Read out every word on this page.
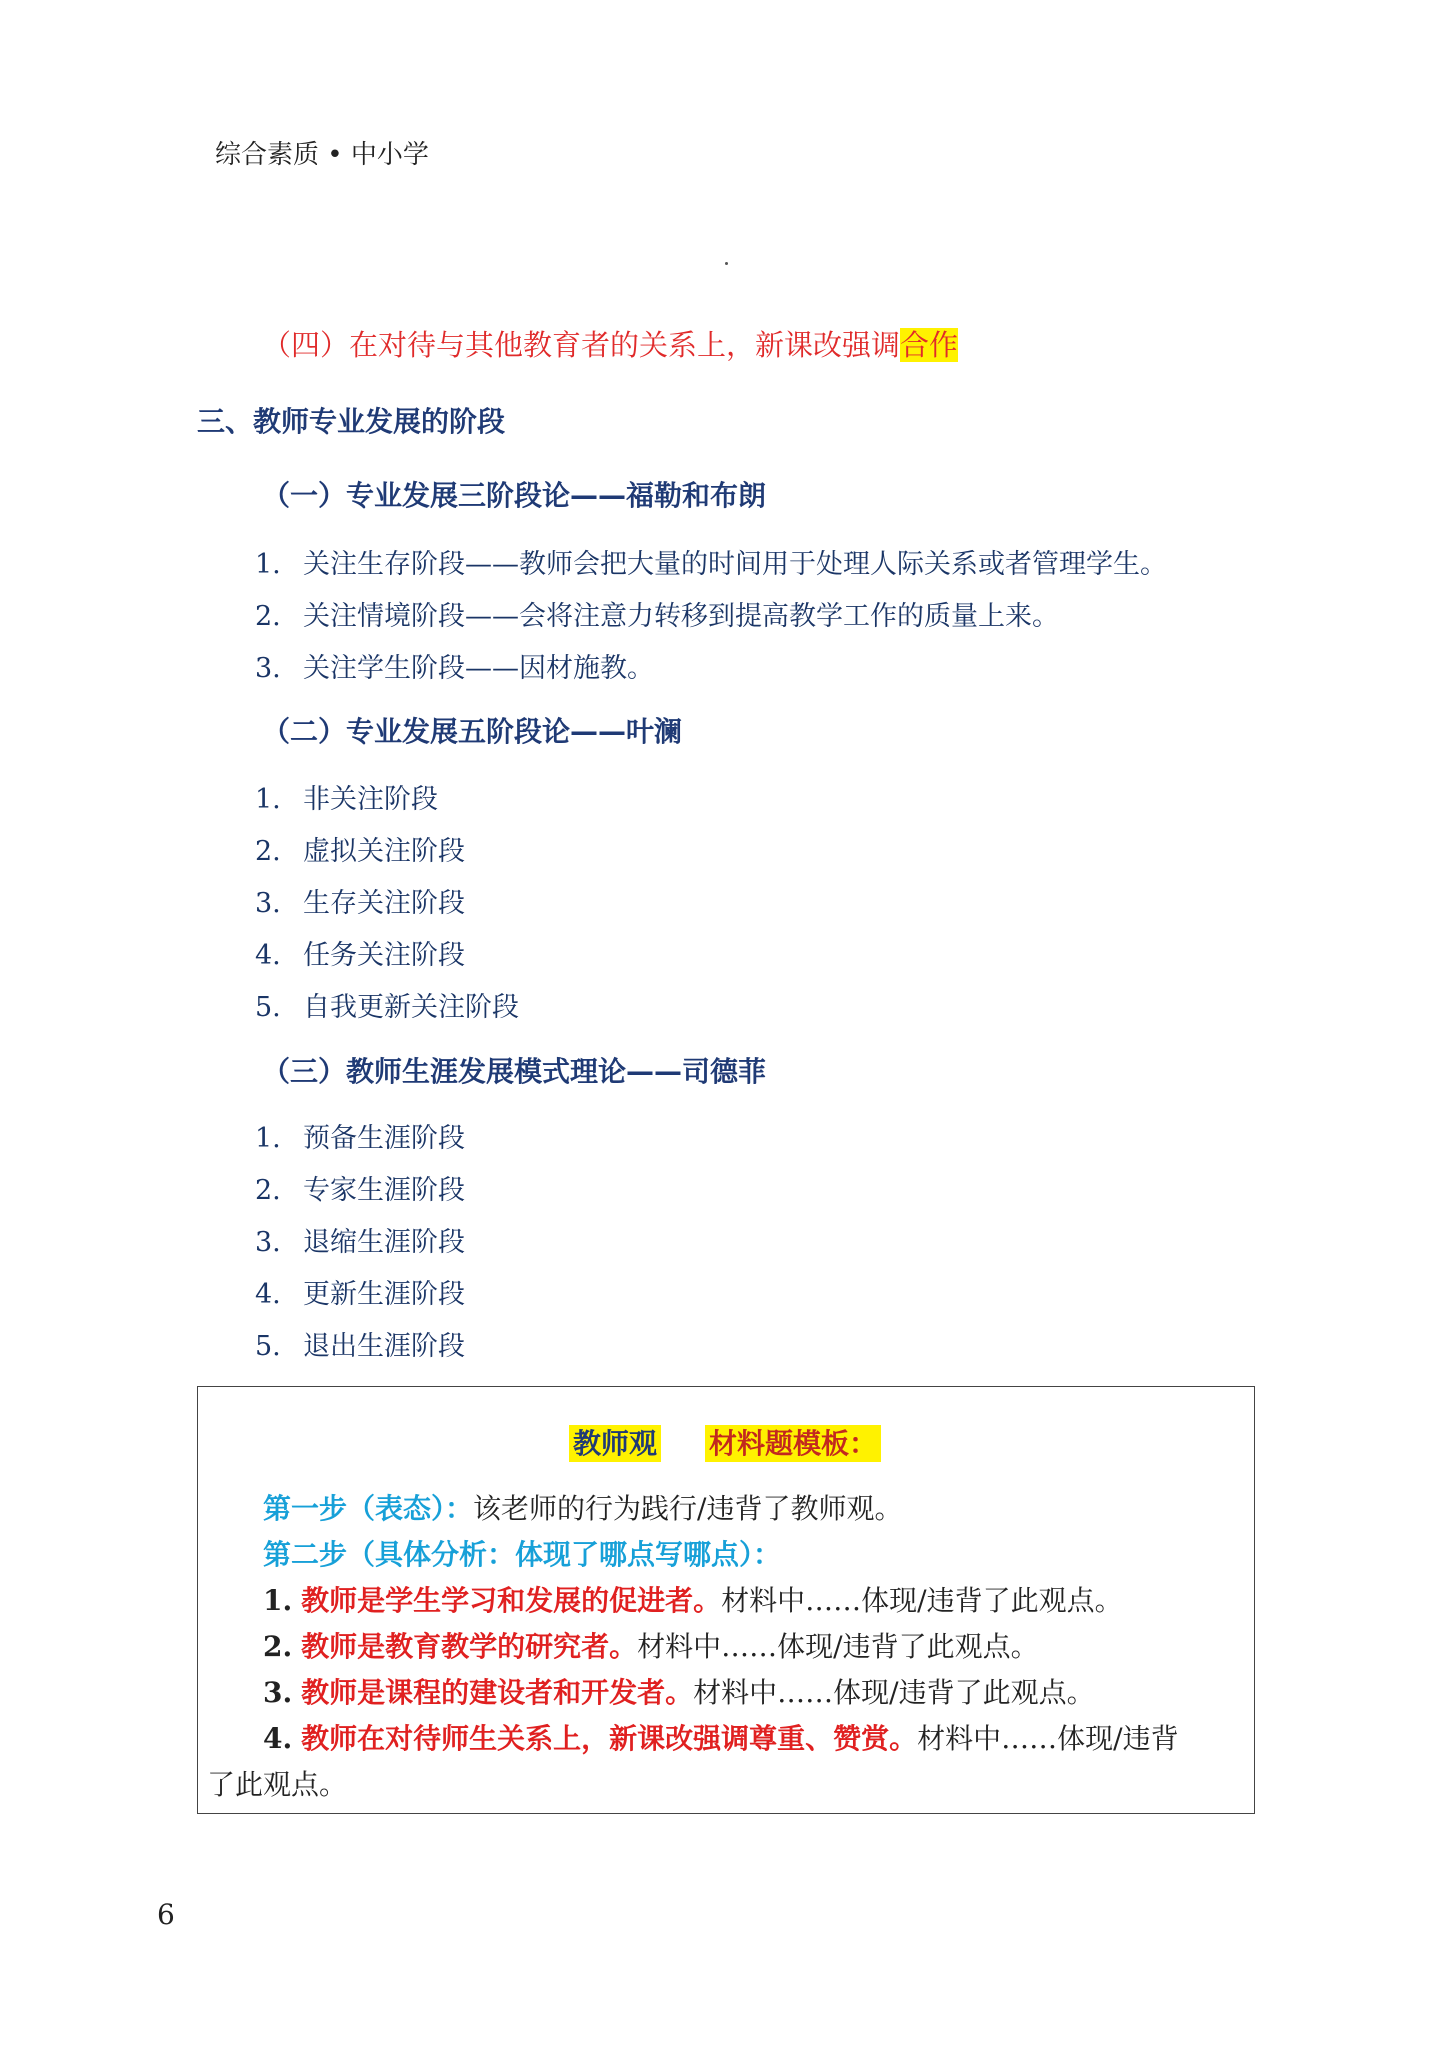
综合素质 • 中小学
（四）在对待与其他教育者的关系上，新课改强调合作
三、教师专业发展的阶段
（一）专业发展三阶段论——福勒和布朗
1. 关注生存阶段——教师会把大量的时间用于处理人际关系或者管理学生。
2. 关注情境阶段——会将注意力转移到提高教学工作的质量上来。
3. 关注学生阶段——因材施教。
（二）专业发展五阶段论——叶澜
1. 非关注阶段
2. 虚拟关注阶段
3. 生存关注阶段
4. 任务关注阶段
5. 自我更新关注阶段
（三）教师生涯发展模式理论——司德菲
1. 预备生涯阶段
2. 专家生涯阶段
3. 退缩生涯阶段
4. 更新生涯阶段
5. 退出生涯阶段
教师观 材料题模板：
第一步（表态）：该老师的行为践行/违背了教师观。
第二步（具体分析：体现了哪点写哪点）：
1. 教师是学生学习和发展的促进者。材料中……体现/违背了此观点。
2. 教师是教育教学的研究者。材料中……体现/违背了此观点。
3. 教师是课程的建设者和开发者。材料中……体现/违背了此观点。
4. 教师在对待师生关系上，新课改强调尊重、赞赏。材料中……体现/违背
了此观点。
6
